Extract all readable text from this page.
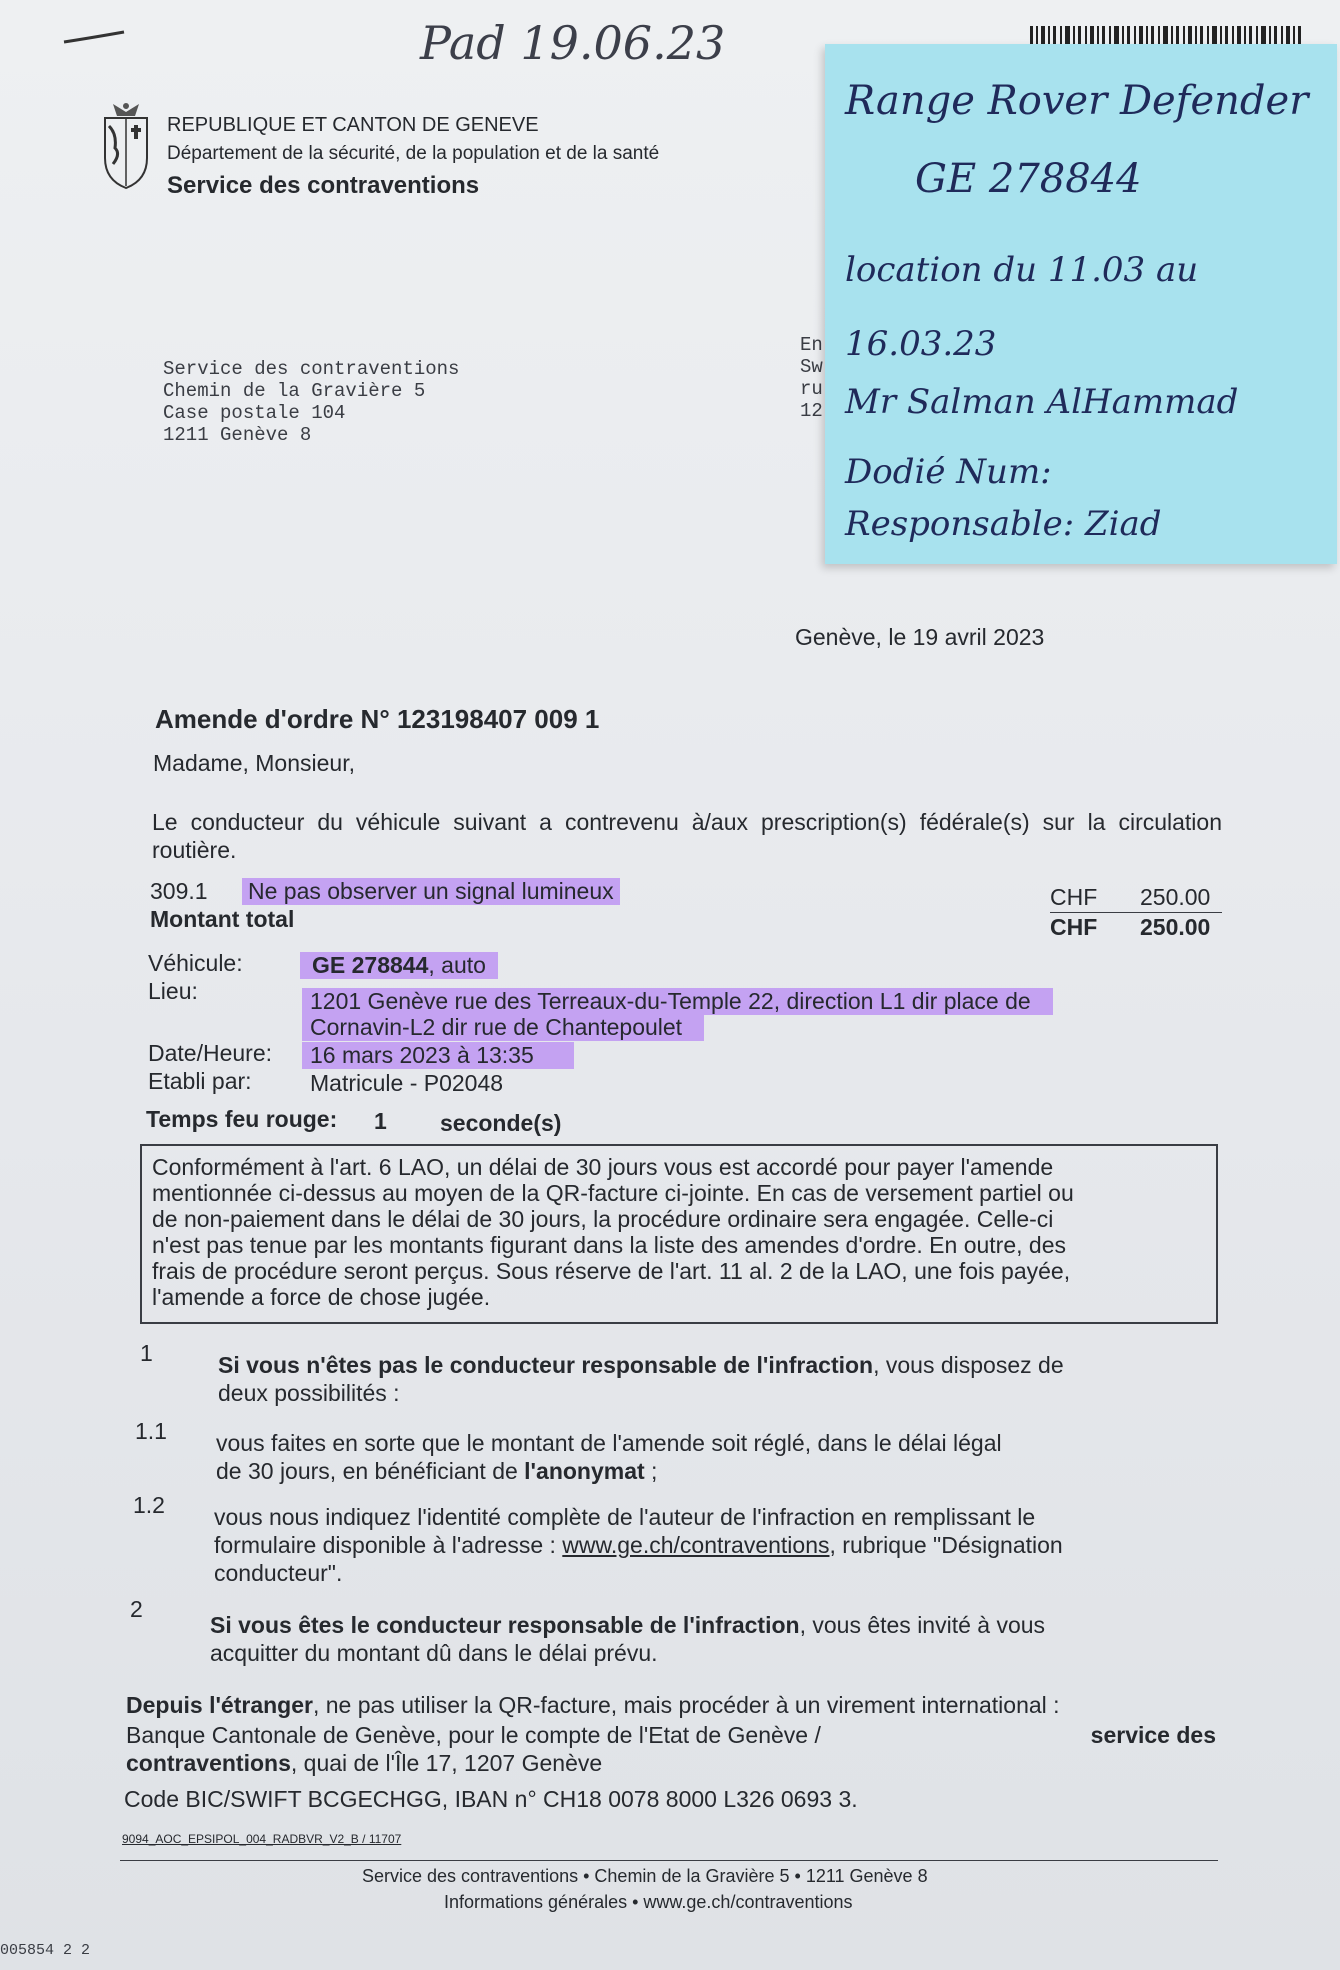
Pad 19.06.23
REPUBLIQUE ET CANTON DE GENEVE
Département de la sécurité, de la population et de la santé
Service des contraventions
Service des contraventions
Chemin de la Gravière 5
Case postale 104
1211 Genève 8
En
Sw
ru
12
Range Rover Defender
GE 278844
location du 11.03 au
16.03.23
Mr Salman AlHammad
Dodié Num:
Responsable: Ziad
Genève, le 19 avril 2023
Amende d'ordre N° 123198407 009 1
Madame, Monsieur,
Le conducteur du véhicule suivant a contrevenu à/aux prescription(s) fédérale(s) sur la circulation routière.
309.1 Ne pas observer un signal lumineux	CHF 250.00
Montant total	CHF 250.00
Véhicule:	GE 278844, auto
Lieu:	1201 Genève rue des Terreaux-du-Temple 22, direction L1 dir place de
Cornavin-L2 dir rue de Chantepoulet
Date/Heure:	16 mars 2023 à 13:35
Etabli par:	Matricule - P02048
Temps feu rouge: 1 seconde(s)
Conformément à l'art. 6 LAO, un délai de 30 jours vous est accordé pour payer l'amende
mentionnée ci-dessus au moyen de la QR-facture ci-jointe. En cas de versement partiel ou
de non-paiement dans le délai de 30 jours, la procédure ordinaire sera engagée. Celle-ci
n'est pas tenue par les montants figurant dans la liste des amendes d'ordre. En outre, des
frais de procédure seront perçus. Sous réserve de l'art. 11 al. 2 de la LAO, une fois payée,
l'amende a force de chose jugée.
1	Si vous n'êtes pas le conducteur responsable de l'infraction, vous disposez de
deux possibilités :
1.1 vous faites en sorte que le montant de l'amende soit réglé, dans le délai légal
de 30 jours, en bénéficiant de l'anonymat ;
1.2 vous nous indiquez l'identité complète de l'auteur de l'infraction en remplissant le
formulaire disponible à l'adresse : www.ge.ch/contraventions, rubrique "Désignation
conducteur".
2
Si vous êtes le conducteur responsable de l'infraction, vous êtes invité à vous
acquitter du montant dû dans le délai prévu.
Depuis l'étranger, ne pas utiliser la QR-facture, mais procéder à un virement international :
Banque Cantonale de Genève, pour le compte de l'Etat de Genève /	service des
contraventions, quai de l'Île 17, 1207 Genève
Code BIC/SWIFT BCGECHGG, IBAN n° CH18 0078 8000 L326 0693 3.
9094_AOC_EPSIPOL_004_RADBVR_V2_B / 11707
Service des contraventions • Chemin de la Gravière 5 • 1211 Genève 8
Informations générales • www.ge.ch/contraventions
005854 2 2
